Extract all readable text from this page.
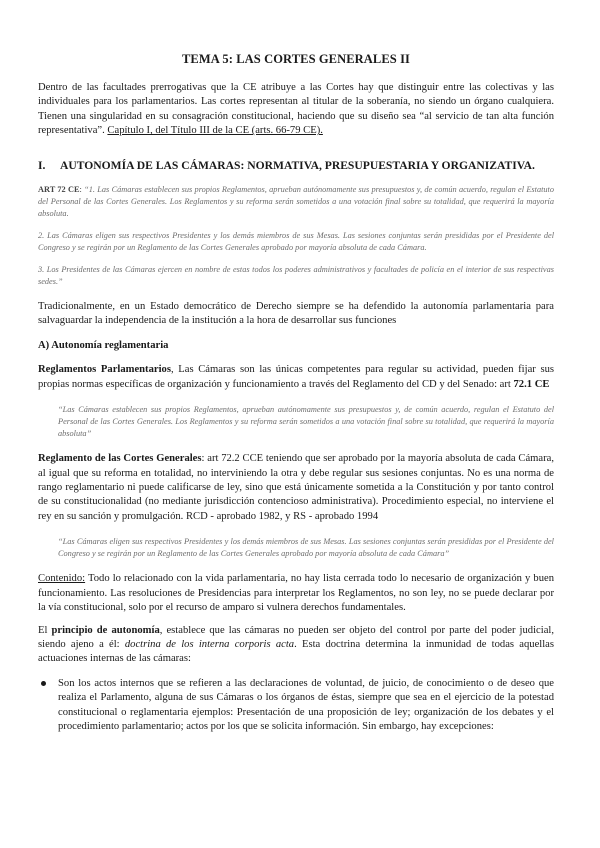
TEMA 5: LAS CORTES GENERALES II

Dentro de las facultades prerrogativas que la CE atribuye a las Cortes hay que distinguir entre las colectivas y las individuales para los parlamentarios. Las cortes representan al titular de la soberanía, no siendo un órgano cualquiera. Tienen una singularidad en su consagración constitucional, haciendo que su diseño sea “al servicio de tan alta función representativa”. Capítulo I, del Título III de la CE (arts. 66-79 CE).

I. AUTONOMÍA DE LAS CÁMARAS: NORMATIVA, PRESUPUESTARIA Y ORGANIZATIVA.

ART 72 CE: “1. Las Cámaras establecen sus propios Reglamentos, aprueban autónomamente sus presupuestos y, de común acuerdo, regulan el Estatuto del Personal de las Cortes Generales. Los Reglamentos y su reforma serán sometidos a una votación final sobre su totalidad, que requerirá la mayoría absoluta.

2. Las Cámaras eligen sus respectivos Presidentes y los demás miembros de sus Mesas. Las sesiones conjuntas serán presididas por el Presidente del Congreso y se regirán por un Reglamento de las Cortes Generales aprobado por mayoría absoluta de cada Cámara.

3. Los Presidentes de las Cámaras ejercen en nombre de estas todos los poderes administrativos y facultades de policía en el interior de sus respectivas sedes.”

Tradicionalmente, en un Estado democrático de Derecho siempre se ha defendido la autonomía parlamentaria para salvaguardar la independencia de la institución a la hora de desarrollar sus funciones

A) Autonomía reglamentaria

Reglamentos Parlamentarios, Las Cámaras son las únicas competentes para regular su actividad, pueden fijar sus propias normas específicas de organización y funcionamiento a través del Reglamento del CD y del Senado: art 72.1 CE

“Las Cámaras establecen sus propios Reglamentos, aprueban autónomamente sus presupuestos y, de común acuerdo, regulan el Estatuto del Personal de las Cortes Generales. Los Reglamentos y su reforma serán sometidos a una votación final sobre su totalidad, que requerirá la mayoría absoluta”

Reglamento de las Cortes Generales: art 72.2 CCE teniendo que ser aprobado por la mayoría absoluta de cada Cámara, al igual que su reforma en totalidad, no interviniendo la otra y debe regular sus sesiones conjuntas. No es una norma de rango reglamentario ni puede calificarse de ley, sino que está únicamente sometida a la Constitución y por tanto control de su constitucionalidad (no mediante jurisdicción contencioso administrativa). Procedimiento especial, no interviene el rey en su sanción y promulgación. RCD - aprobado 1982, y RS - aprobado 1994

“Las Cámaras eligen sus respectivos Presidentes y los demás miembros de sus Mesas. Las sesiones conjuntas serán presididas por el Presidente del Congreso y se regirán por un Reglamento de las Cortes Generales aprobado por mayoría absoluta de cada Cámara”

Contenido: Todo lo relacionado con la vida parlamentaria, no hay lista cerrada todo lo necesario de organización y buen funcionamiento. Las resoluciones de Presidencias para interpretar los Reglamentos, no son ley, no se puede declarar por la vía constitucional, solo por el recurso de amparo si vulnera derechos fundamentales.

El principio de autonomía, establece que las cámaras no pueden ser objeto del control por parte del poder judicial, siendo ajeno a él: doctrina de los interna corporis acta. Esta doctrina determina la inmunidad de todas aquellas actuaciones internas de las cámaras:

Son los actos internos que se refieren a las declaraciones de voluntad, de juicio, de conocimiento o de deseo que realiza el Parlamento, alguna de sus Cámaras o los órganos de éstas, siempre que sea en el ejercicio de la potestad constitucional o reglamentaria ejemplos: Presentación de una proposición de ley; organización de los debates y el procedimiento parlamentario; actos por los que se solicita información. Sin embargo, hay excepciones:
